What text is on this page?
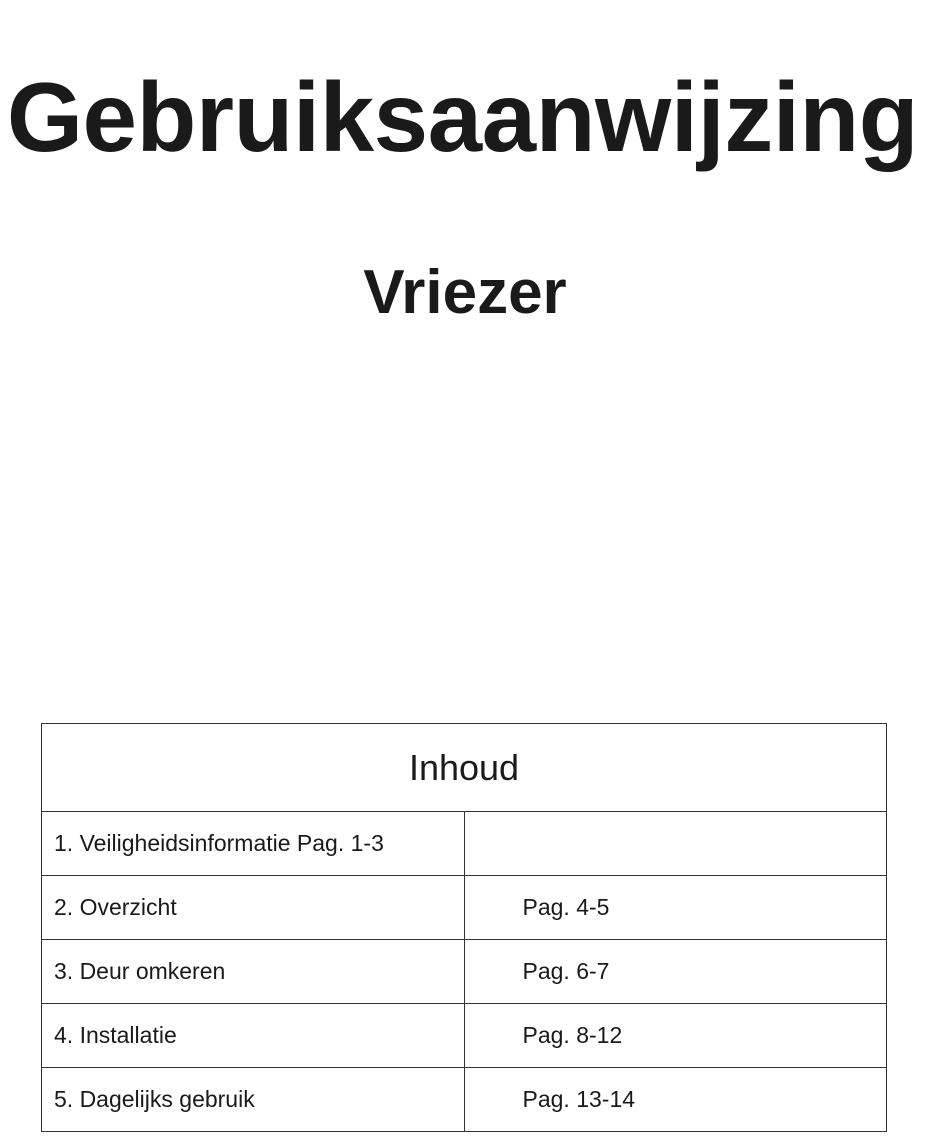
Gebruiksaanwijzing
Vriezer
Inhoud	
1. Veiligheidsinformatie Pag. 1-3	
2. Overzicht	Pag. 4-5
3. Deur omkeren	Pag. 6-7
4. Installatie	Pag. 8-12
5. Dagelijks gebruik	Pag. 13-14
